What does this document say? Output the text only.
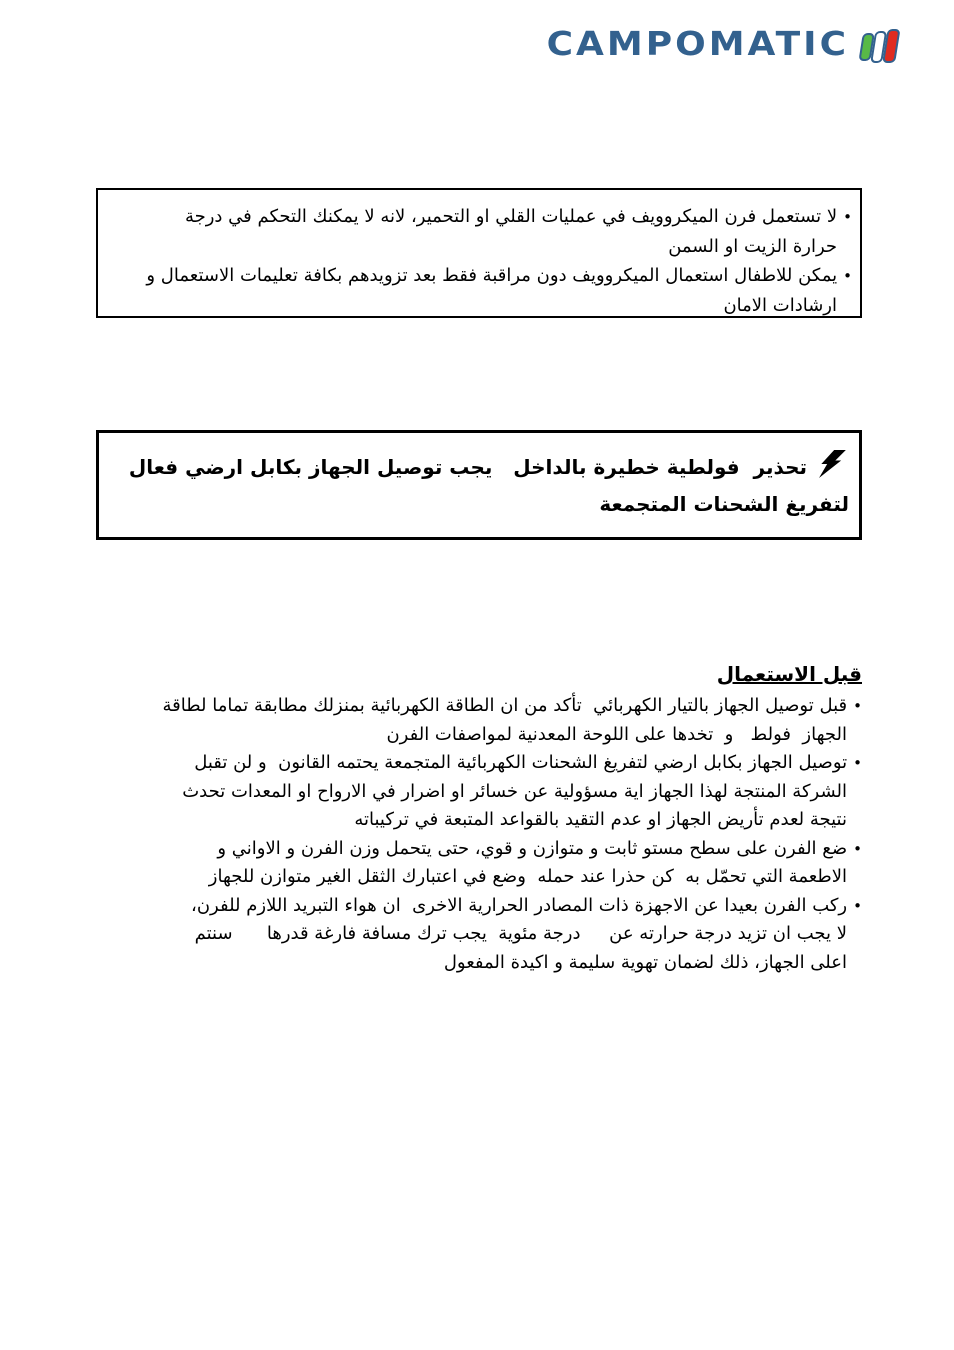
CAMPOMATIC
•لا تستعمل فرن الميكروويف في عمليات القلي او التحمير، لانه لا يمكنك التحكم في درجة
حرارة الزيت او السمن
•يمكن للاطفال استعمال الميكروويف دون مراقبة فقط بعد تزويدهم بكافة تعليمات الاستعمال و
ارشادات الامان
تحذير  فولطية خطيرة بالداخل   يجب توصيل الجهاز بكابل ارضي فعال
لتفريغ الشحنات المتجمعة
قبل الاستعمال
•قبل توصيل الجهاز بالتيار الكهربائي  تأكد من ان الطاقة الكهربائية بمنزلك مطابقة تماما لطاقة
الجهاز  فولط   و  تخدها على اللوحة المعدنية لمواصفات الفرن
•توصيل الجهاز بكابل ارضي لتفريغ الشحنات الكهربائية المتجمعة يحتمه القانون  و لن تقبل
الشركة المنتجة لهذا الجهاز اية مسؤولية عن خسائر او اضرار في الارواح او المعدات تحدث
نتيجة لعدم تأريض الجهاز او عدم التقيد بالقواعد المتبعة في تركيباته
•ضع الفرن على سطح مستو ثابت و متوازن و قوي، حتى يتحمل وزن الفرن و الاواني و
الاطعمة التي تحمّل به  كن حذرا عند حمله  وضع في اعتبارك الثقل الغير متوازن للجهاز
•ركب الفرن بعيدا عن الاجهزة ذات المصادر الحرارية الاخرى  ان هواء التبريد اللازم للفرن،
لا يجب ان تزيد درجة حرارته عن     درجة مئوية  يجب ترك مسافة فارغة قدرها      سنتم
اعلى الجهاز، ذلك لضمان تهوية سليمة و اكيدة المفعول
